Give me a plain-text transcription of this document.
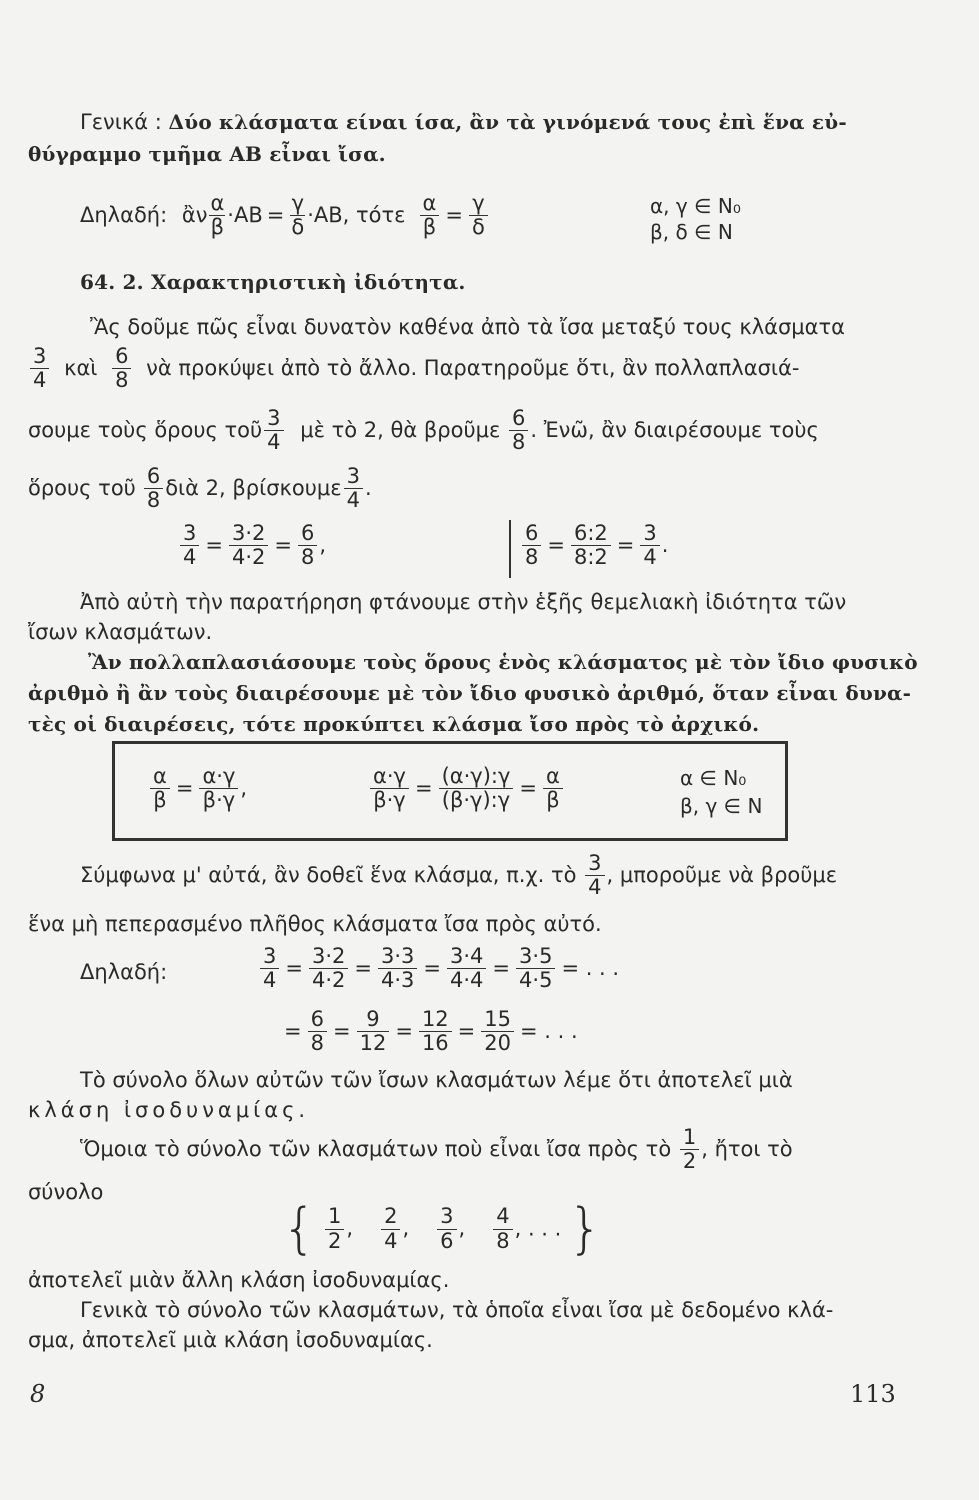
Γενικά : Δύο κλάσματα είναι ίσα, ἂν τὰ γινόμενά τους ἐπὶ ἕνα εὐ-
θύγραμμο τμῆμα ΑΒ εἶναι ἴσα.
Δηλαδή: ἂν $\frac{\alpha}{\beta} \cdot AB = \frac{\gamma}{\delta} \cdot AB$, τότε $\frac{\alpha}{\beta} = \frac{\gamma}{\delta}$	α, γ ∈ N₀
β, δ ∈ N
64. 2. Χαρακτηριστικὴ ἰδιότητα.
Ἂς δοῦμε πῶς εἶναι δυνατὸν καθένα ἀπὸ τὰ ἴσα μεταξύ τους κλάσματα
$\frac{3}{4}$ καὶ $\frac{6}{8}$ νὰ προκύψει ἀπὸ τὸ ἄλλο. Παρατηροῦμε ὅτι, ἂν πολλαπλασιά-
σουμε τοὺς ὅρους τοῦ $\frac{3}{4}$ μὲ τὸ 2, θὰ βροῦμε $\frac{6}{8}$ . Ἐνῶ, ἂν διαιρέσουμε τοὺς
ὅρους τοῦ $\frac{6}{8}$ διὰ 2, βρίσκουμε $\frac{3}{4}$ .
$\frac{3}{4} = \frac{3\cdot 2}{4\cdot 2} = \frac{6}{8}$ ,	$\frac{6}{8} = \frac{6:2}{8:2} = \frac{3}{4}$ .
Ἀπὸ αὐτὴ τὴν παρατήρηση φτάνουμε στὴν ἑξῆς θεμελιακὴ ἰδιότητα τῶν
ἴσων κλασμάτων.
Ἂν πολλαπλασιάσουμε τοὺς ὅρους ἑνὸς κλάσματος μὲ τὸν ἴδιο φυσικὸ
ἀριθμὸ ἢ ἂν τοὺς διαιρέσουμε μὲ τὸν ἴδιο φυσικὸ ἀριθμό, ὅταν εἶναι δυνα-
τὲς οἱ διαιρέσεις, τότε προκύπτει κλάσμα ἴσο πρὸς τὸ ἀρχικό.
$\frac{\alpha}{\beta} = \frac{\alpha\cdot\gamma}{\beta\cdot\gamma}$ ,	$\frac{\alpha\cdot\gamma}{\beta\cdot\gamma} = \frac{(\alpha\cdot\gamma):\gamma}{(\beta\cdot\gamma):\gamma} = \frac{\alpha}{\beta}$	α ∈ N₀
β, γ ∈ N
Σύμφωνα μ' αὐτά, ἂν δοθεῖ ἕνα κλάσμα, π.χ. τὸ $\frac{3}{4}$ , μποροῦμε νὰ βροῦμε
ἕνα μὴ πεπερασμένο πλῆθος κλάσματα ἴσα πρὸς αὐτό.
Δηλαδή:	$\frac{3}{4} = \frac{3\cdot 2}{4\cdot 2} = \frac{3\cdot 3}{4\cdot 3} = \frac{3\cdot 4}{4\cdot 4} = \frac{3\cdot 5}{4\cdot 5}$ = . . .
= $\frac{6}{8} = \frac{9}{12} = \frac{12}{16} = \frac{15}{20}$ = . . .
Τὸ σύνολο ὅλων αὐτῶν τῶν ἴσων κλασμάτων λέμε ὅτι ἀποτελεῖ μιὰ
κλάση ἰσοδυναμίας.
Ὅμοια τὸ σύνολο τῶν κλασμάτων ποὺ εἶναι ἴσα πρὸς τὸ $\frac{1}{2}$ , ἤτοι τὸ
σύνολο
{ $\frac{1}{2}$ , $\frac{2}{4}$ , $\frac{3}{6}$ , $\frac{4}{8}$ , . . . }
ἀποτελεῖ μιὰν ἄλλη κλάση ἰσοδυναμίας.
Γενικὰ τὸ σύνολο τῶν κλασμάτων, τὰ ὁποῖα εἶναι ἴσα μὲ δεδομένο κλά-
σμα, ἀποτελεῖ μιὰ κλάση ἰσοδυναμίας.
8	113
